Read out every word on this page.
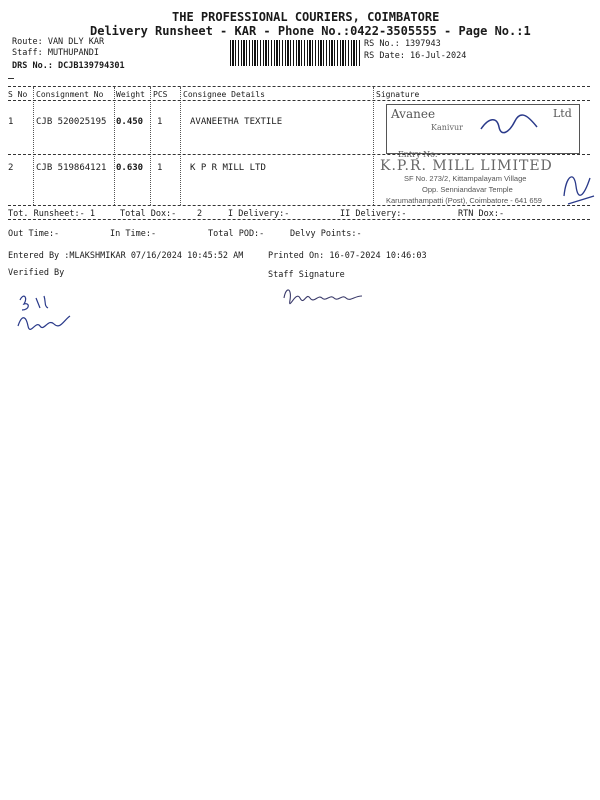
THE PROFESSIONAL COURIERS, COIMBATORE
Delivery Runsheet - KAR - Phone No.:0422-3505555 - Page No.:1
Route: VAN DLY KAR
Staff: MUTHUPANDI
DRS No.: DCJB139794301
RS No.: 1397943
RS Date: 16-Jul-2024
S No Consignment No Weight PCS Consignee Details	Signature
1	CJB 520025195 0.450 1	AVANEETHA TEXTILE
2	CJB 519864121 0.630 1	K P R MILL LTD
Avanee	Ltd
Kanivur
Entry No:
K.P.R. MILL LIMITED
SF No. 273/2, Kittampalayam Village
Opp. Senniandavar Temple
Karumathampatti (Post), Coimbatore - 641 659
Tot. Runsheet:- 1	Total Dox:- 2	I Delivery:-	II Delivery:-	RTN Dox:-
Out Time:-	In Time:-	Total POD:-	Delvy Points:-
Entered By :MLAKSHMIKAR 07/16/2024 10:45:52 AM	Printed On: 16-07-2024 10:46:03
Verified By	Staff Signature
